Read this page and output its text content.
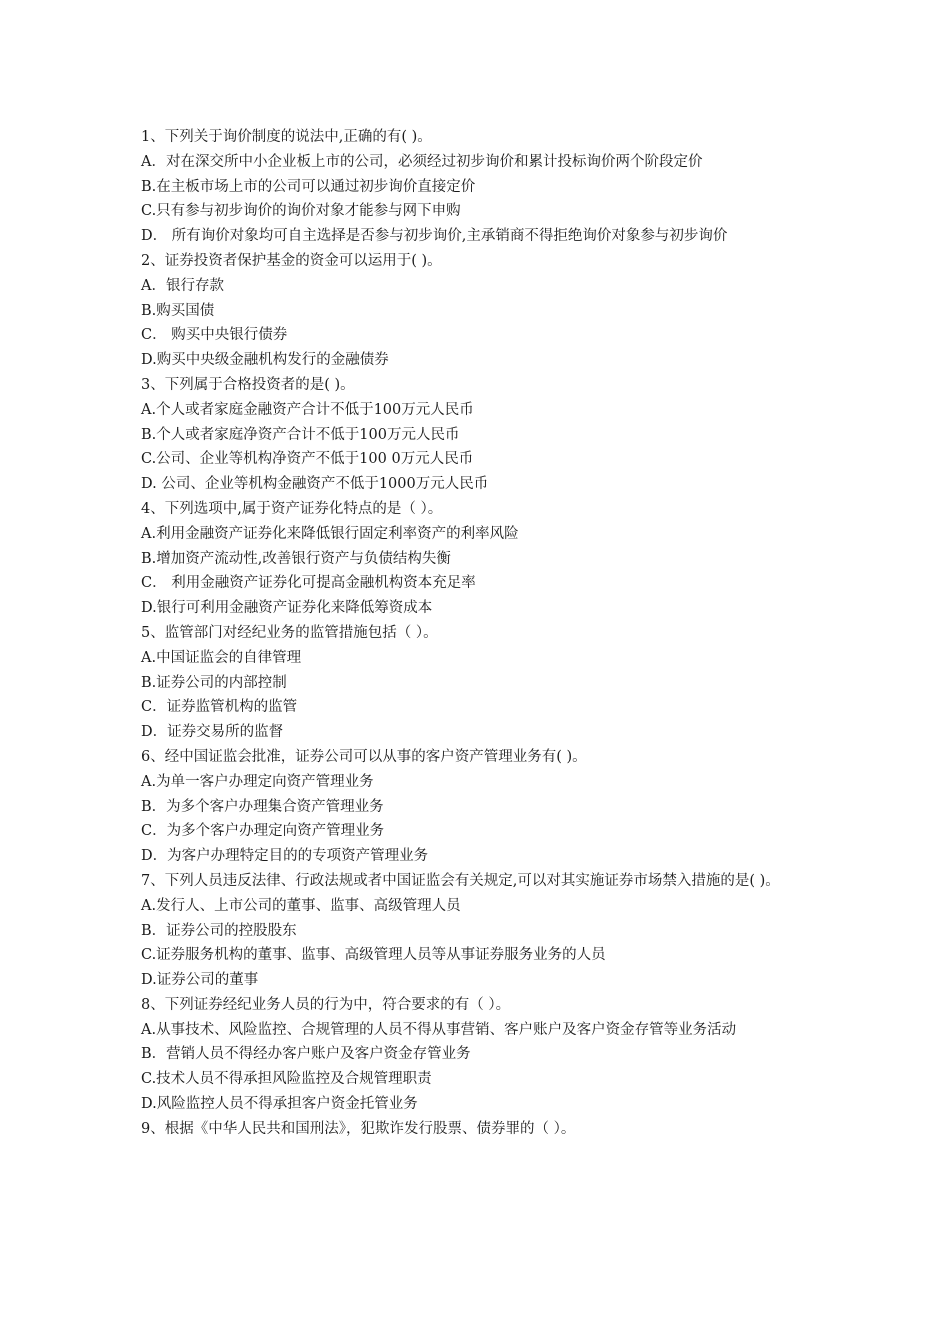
1、下列关于询价制度的说法中,正确的有( )。
A．对在深交所中小企业板上市的公司，必须经过初步询价和累计投标询价两个阶段定价
B.在主板市场上市的公司可以通过初步询价直接定价
C.只有参与初步询价的询价对象才能参与网下申购
D． 所有询价对象均可自主选择是否参与初步询价,主承销商不得拒绝询价对象参与初步询价
2、证券投资者保护基金的资金可以运用于( )。
A．银行存款
B.购买国债
C． 购买中央银行债券
D.购买中央级金融机构发行的金融债券
3、下列属于合格投资者的是( )。
A.个人或者家庭金融资产合计不低于100万元人民币
B.个人或者家庭净资产合计不低于100万元人民币
C.公司、企业等机构净资产不低于100 0万元人民币
D. 公司、企业等机构金融资产不低于1000万元人民币
4、下列选项中,属于资产证券化特点的是（ ）。
A.利用金融资产证券化来降低银行固定利率资产的利率风险
B.增加资产流动性,改善银行资产与负债结构失衡
C． 利用金融资产证券化可提高金融机构资本充足率
D.银行可利用金融资产证券化来降低筹资成本
5、监管部门对经纪业务的监管措施包括（ ）。
A.中国证监会的自律管理
B.证券公司的内部控制
C．证券监管机构的监管
D．证券交易所的监督
6、经中国证监会批准，证券公司可以从事的客户资产管理业务有( )。
A.为单一客户办理定向资产管理业务
B．为多个客户办理集合资产管理业务
C．为多个客户办理定向资产管理业务
D．为客户办理特定目的的专项资产管理业务
7、下列人员违反法律、行政法规或者中国证监会有关规定,可以对其实施证券市场禁入措施的是( )。
A.发行人、上市公司的董事、监事、高级管理人员
B．证券公司的控股股东
C.证券服务机构的董事、监事、高级管理人员等从事证券服务业务的人员
D.证券公司的董事
8、下列证券经纪业务人员的行为中，符合要求的有（ ）。
A.从事技术、风险监控、合规管理的人员不得从事营销、客户账户及客户资金存管等业务活动
B．营销人员不得经办客户账户及客户资金存管业务
C.技术人员不得承担风险监控及合规管理职责
D.风险监控人员不得承担客户资金托管业务
9、根据《中华人民共和国刑法》，犯欺诈发行股票、债券罪的（ ）。
